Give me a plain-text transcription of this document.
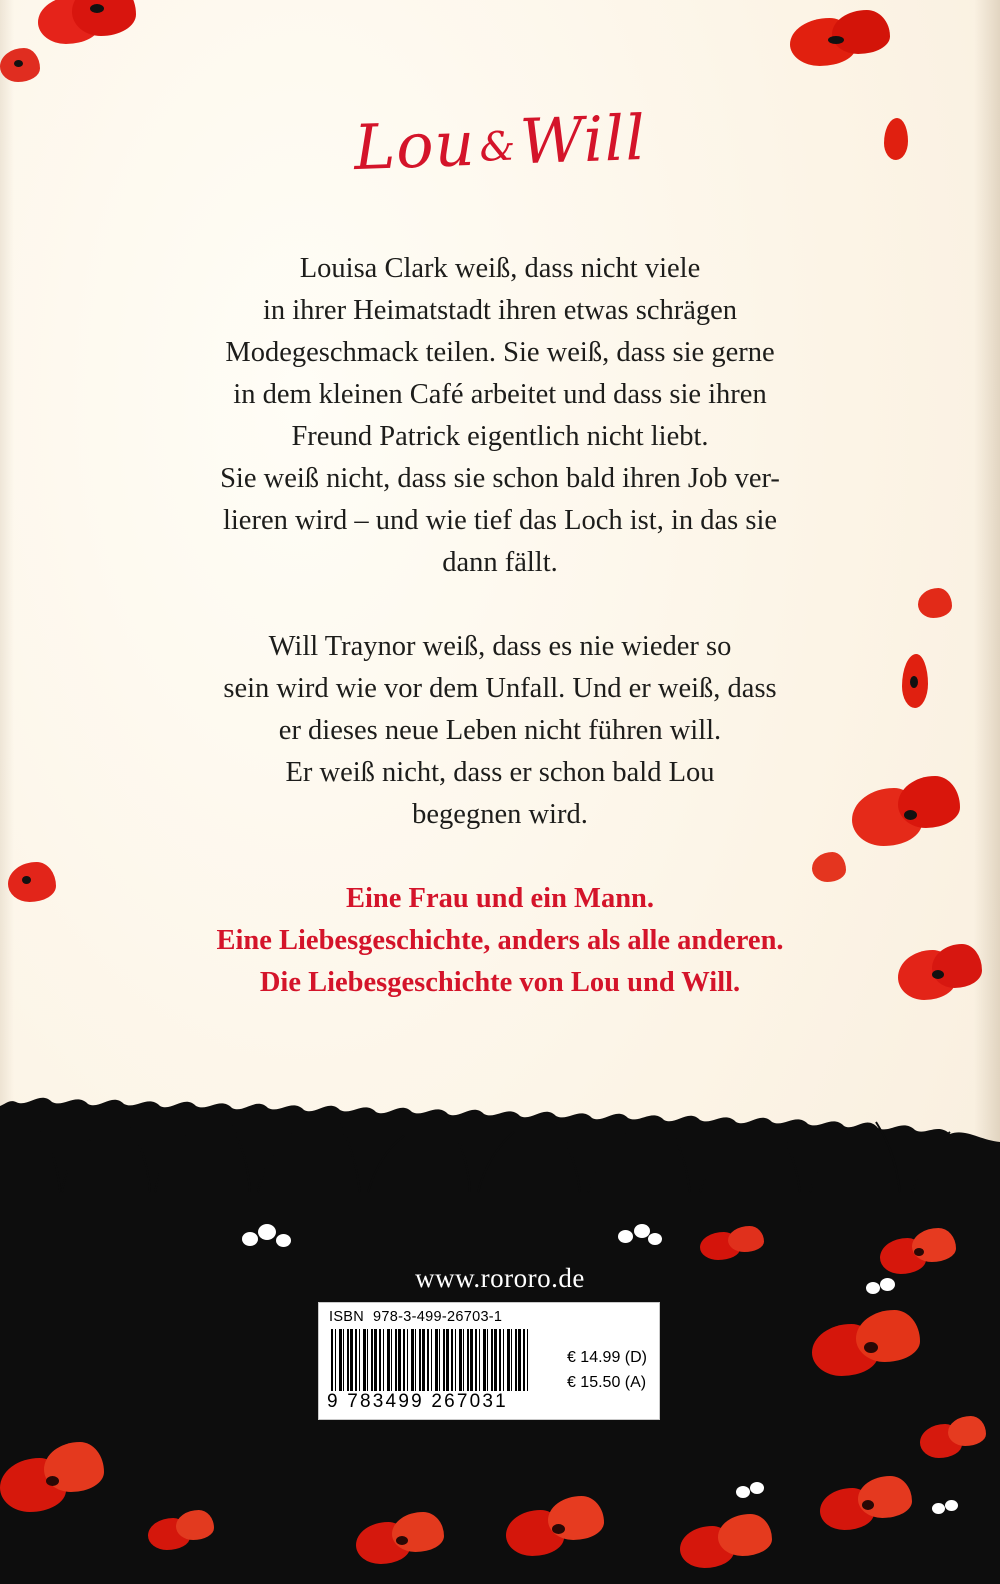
Lou&Will

Louisa Clark weiß, dass nicht viele

in ihrer Heimatstadt ihren etwas schrägen

Modegeschmack teilen. Sie weiß, dass sie gerne

in dem kleinen Café arbeitet und dass sie ihren

Freund Patrick eigentlich nicht liebt.

Sie weiß nicht, dass sie schon bald ihren Job ver-

lieren wird – und wie tief das Loch ist, in das sie

dann fällt.

Will Traynor weiß, dass es nie wieder so

sein wird wie vor dem Unfall. Und er weiß, dass

er dieses neue Leben nicht führen will.

Er weiß nicht, dass er schon bald Lou

begegnen wird.

Eine Frau und ein Mann.

Eine Liebesgeschichte, anders als alle anderen.

Die Liebesgeschichte von Lou und Will.

www.rororo.de
ISBN 978-3-499-26703-1
9 783499 267031
€ 14.99 (D)
€ 15.50 (A)
